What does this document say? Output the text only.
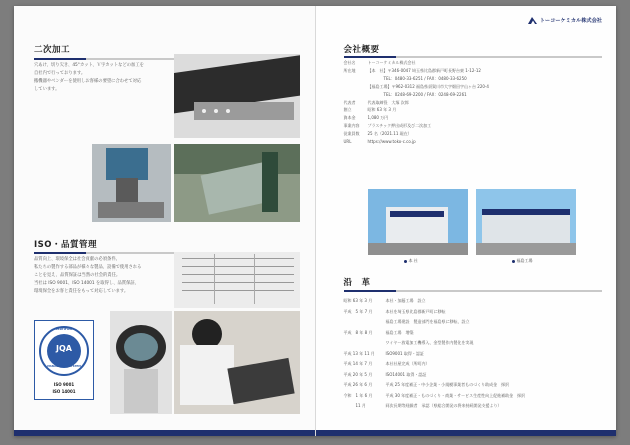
二次加工
穴あけ、切り欠き、45°カット、Ｖ字カットなどの加工を
自社内で行っております。
搬機器やベンダーを使用しお客様の要望に合わせて対応
しています。
ISO・品質管理
品質向上、環境保全は社会貢献の必須条件。
私たちの製作する部品が様々な製品、設備で使用される
ことを見え、品質保証は当然の社会的責任。
当社は ISO 9001、ISO 14001 を取得し、品質保証、
環境保全をお客と責任をもって対応しています。
CERTIFIED
MANAGEMENT SYSTEM
JQA
ISO 9001
ISO 14001
トーコーケミカル株式会社
会社概要
会社名	トーコーケミカル株式会社
所在地	【本　社】〒346-0047 埼玉県比島郡新戸町長野台東 1-12-12
	　　　　TEL：0480-33-6251 / FAX：0480-33-6250
	【福島工場】〒962-0312 福島県須賀川市大字畑田字山ヶ台 220-4
	　　　　TEL：0248-69-2200 / FAX：0248-69-2261
代表者	代表取締役　大塚 次郎
創立	昭和 63 年 3 月
資本金	1,080 万円
事業内容	プラスチック押出成形及び二次加工
従業員数	25 名（2021.11 現在）
URL	https://www.toko-c.co.jp
本 社	福島工場
沿　革
昭和 63 年 3 月	本社・加藤工場　設立
平成　5 年 7 月	本社を埼玉県比島郡新戸町に移転
福島工場建設　製造部門を福島県に移転、設立
平成　8 年 8 月	福島工場　増築
ワイヤー放電加工機導入、金型製作内製化を実現
平成 13 年 11 月	ISO9001 取得・認証
平成 14 年 7 月	本社社屋完成（所町内）
平成 20 年 5 月	ISO14001 取得・認証
平成 26 年 6 月	平成 25 年度補正・中小企業・小規模事業者ものづくり助成金　採択
令和　1 年 6 月	平成 30 年度補正・ものづくり・商業・サービス生産性向上促進補助金　採択
　　　11 月	同次長期等経験者　承認（県総合開発の将来持続開発支援より）
